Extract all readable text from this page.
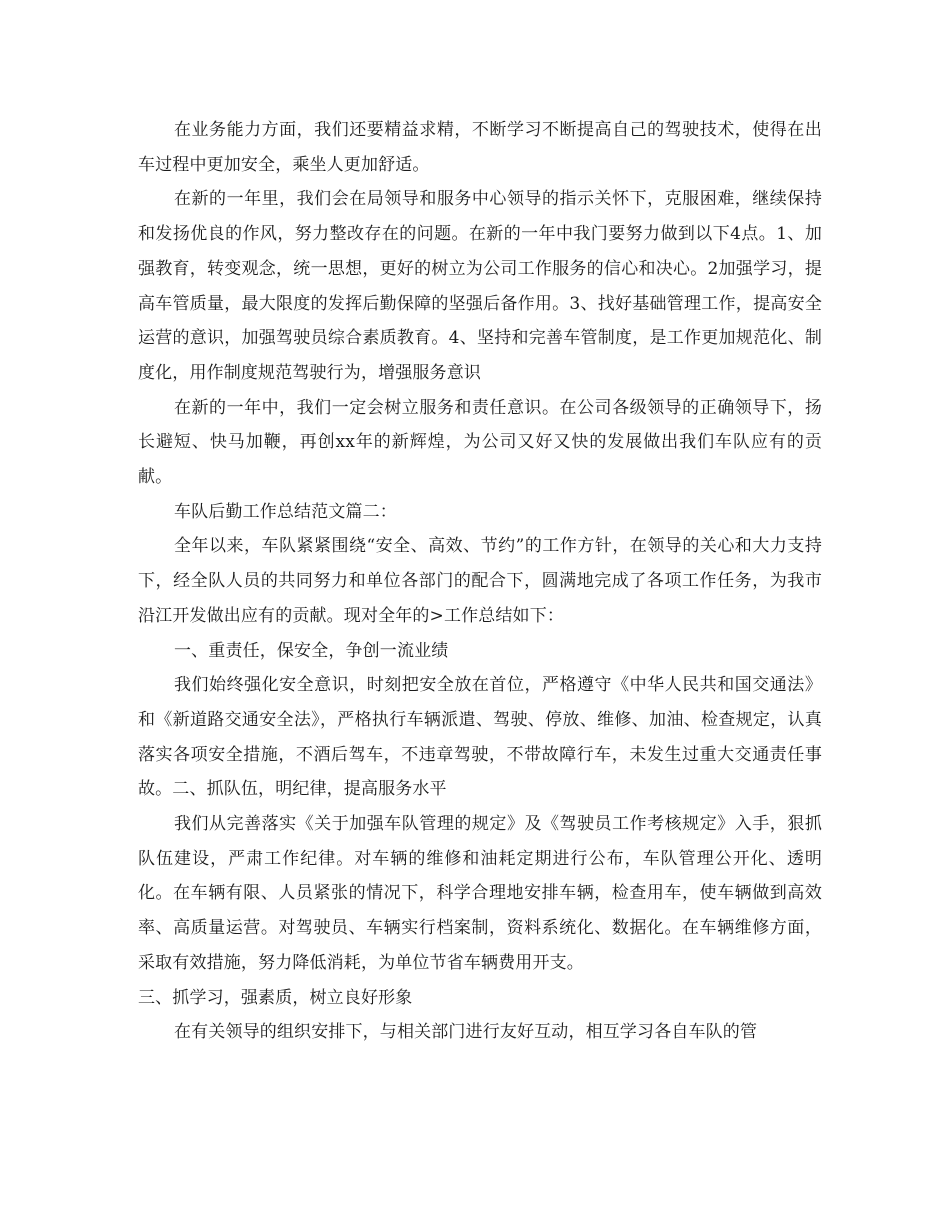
在业务能力方面，我们还要精益求精，不断学习不断提高自己的驾驶技术，使得在出车过程中更加安全，乘坐人更加舒适。

在新的一年里，我们会在局领导和服务中心领导的指示关怀下，克服困难，继续保持和发扬优良的作风，努力整改存在的问题。在新的一年中我门要努力做到以下4点。1、加强教育，转变观念，统一思想，更好的树立为公司工作服务的信心和决心。2加强学习，提高车管质量，最大限度的发挥后勤保障的坚强后备作用。3、找好基础管理工作，提高安全运营的意识，加强驾驶员综合素质教育。4、坚持和完善车管制度，是工作更加规范化、制度化，用作制度规范驾驶行为，增强服务意识

在新的一年中，我们一定会树立服务和责任意识。在公司各级领导的正确领导下，扬长避短、快马加鞭，再创xx年的新辉煌，为公司又好又快的发展做出我们车队应有的贡献。

车队后勤工作总结范文篇二：

全年以来，车队紧紧围绕“安全、高效、节约”的工作方针，在领导的关心和大力支持下，经全队人员的共同努力和单位各部门的配合下，圆满地完成了各项工作任务，为我市沿江开发做出应有的贡献。现对全年的>工作总结如下：

一、重责任，保安全，争创一流业绩

我们始终强化安全意识，时刻把安全放在首位，严格遵守《中华人民共和国交通法》和《新道路交通安全法》，严格执行车辆派遣、驾驶、停放、维修、加油、检查规定，认真落实各项安全措施，不酒后驾车，不违章驾驶，不带故障行车，未发生过重大交通责任事故。二、抓队伍，明纪律，提高服务水平

我们从完善落实《关于加强车队管理的规定》及《驾驶员工作考核规定》入手，狠抓队伍建设，严肃工作纪律。对车辆的维修和油耗定期进行公布，车队管理公开化、透明化。在车辆有限、人员紧张的情况下，科学合理地安排车辆，检查用车，使车辆做到高效率、高质量运营。对驾驶员、车辆实行档案制，资料系统化、数据化。在车辆维修方面，采取有效措施，努力降低消耗，为单位节省车辆费用开支。

三、抓学习，强素质，树立良好形象

在有关领导的组织安排下，与相关部门进行友好互动，相互学习各自车队的管
